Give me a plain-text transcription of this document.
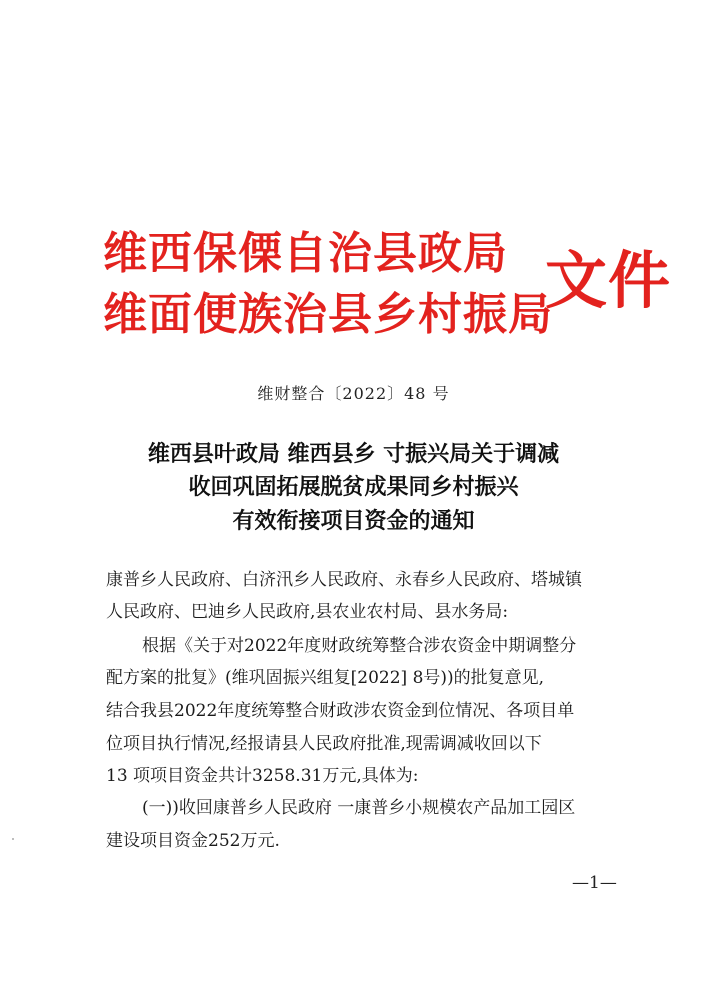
维西保傈自治县政局
维面便族治县乡村振局
文件
维财整合〔2022〕48 号
维西县叶政局 维西县乡 寸振兴局关于调减
收回巩固拓展脱贫成果同乡村振兴
有效衔接项目资金的通知
康普乡人民政府、白济汛乡人民政府、永春乡人民政府、塔城镇
人民政府、巴迪乡人民政府,县农业农村局、县水务局:
根据《关于对2022年度财政统筹整合涉农资金中期调整分
配方案的批复》(维巩固振兴组复[2022] 8号))的批复意见,
结合我县2022年度统筹整合财政涉农资金到位情况、各项目单
位项目执行情况,经报请县人民政府批准,现需调减收回以下
13 项项目资金共计3258.31万元,具体为:
(一))收回康普乡人民政府 一康普乡小规模农产品加工园区
建设项目资金252万元.
—1—
